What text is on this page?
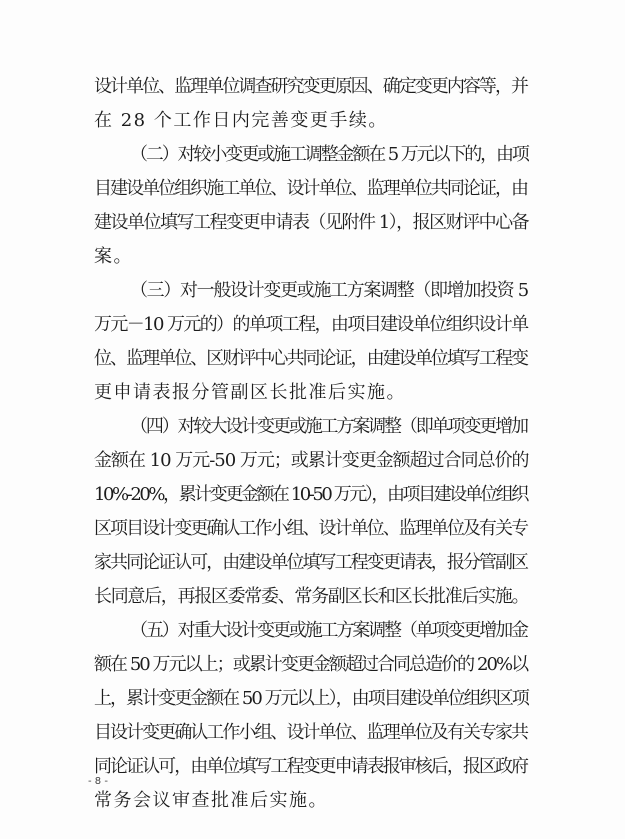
设计单位、监理单位调查研究变更原因、确定变更内容等，并
在 28 个工作日内完善变更手续。
（二）对较小变更或施工调整金额在 5 万元以下的，由项
目建设单位组织施工单位、设计单位、监理单位共同论证，由
建设单位填写工程变更申请表（见附件 1），报区财评中心备
案。
（三）对一般设计变更或施工方案调整（即增加投资 5
万元－10 万元的）的单项工程，由项目建设单位组织设计单
位、监理单位、区财评中心共同论证，由建设单位填写工程变
更申请表报分管副区长批准后实施。
（四）对较大设计变更或施工方案调整（即单项变更增加
金额在 10 万元-50 万元；或累计变更金额超过合同总价的
10%-20%，累计变更金额在 10-50 万元），由项目建设单位组织
区项目设计变更确认工作小组、设计单位、监理单位及有关专
家共同论证认可，由建设单位填写工程变更请表，报分管副区
长同意后，再报区委常委、常务副区长和区长批准后实施。
（五）对重大设计变更或施工方案调整（单项变更增加金
额在 50 万元以上；或累计变更金额超过合同总造价的 20%以
上，累计变更金额在 50 万元以上），由项目建设单位组织区项
目设计变更确认工作小组、设计单位、监理单位及有关专家共
同论证认可，由单位填写工程变更申请表报审核后，报区政府
常务会议审查批准后实施。
- 8 -
